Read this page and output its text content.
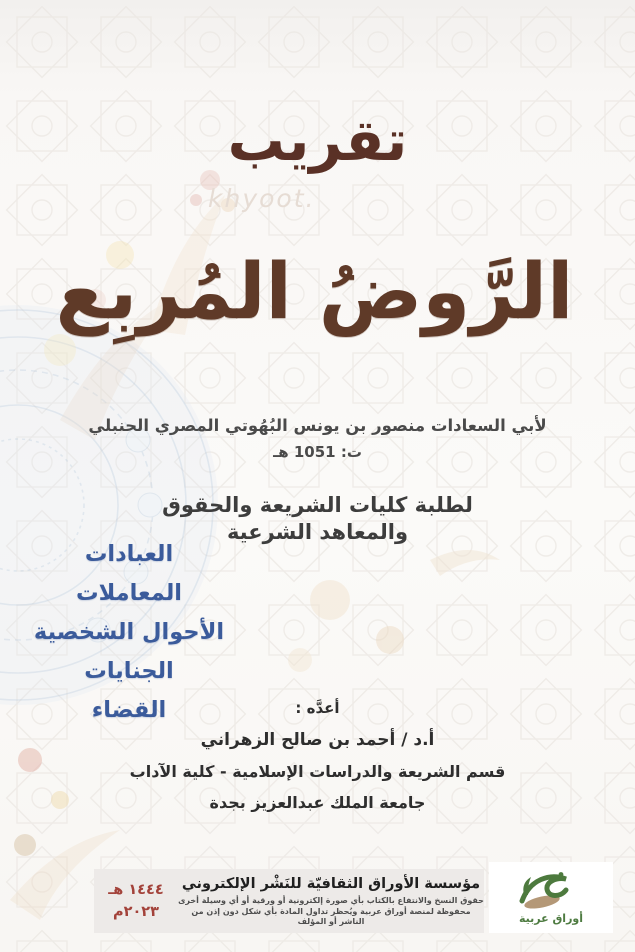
تقريب
khyoot.
الرَّوضُ المُربِع
لأبي السعادات منصور بن يونس البُهُوتي المصري الحنبلي
ت: 1051 هـ
لطلبة كليات الشريعة والحقوق
والمعاهد الشرعية
العبادات
المعاملات
الأحوال الشخصية
الجنايات
القضاء	أعدَّه :
أ.د / أحمد بن صالح الزهراني
قسم الشريعة والدراسات الإسلامية - كلية الآداب
جامعة الملك عبدالعزيز بجدة
مؤسسة الأوراق الثقافيّة للنَشْر الإلكتروني
حقوق النسخ والانتفاع بالكتاب بأي صورة إلكترونية أو ورقية أو أي وسيلة أخرى
محفوظة لمنصة أوراق عربية ويُحظر تداول المادة بأي شكل دون إذن من الناشر أو المؤلف
١٤٤٤ هـ
٢٠٢٣م	أوراق عربية
